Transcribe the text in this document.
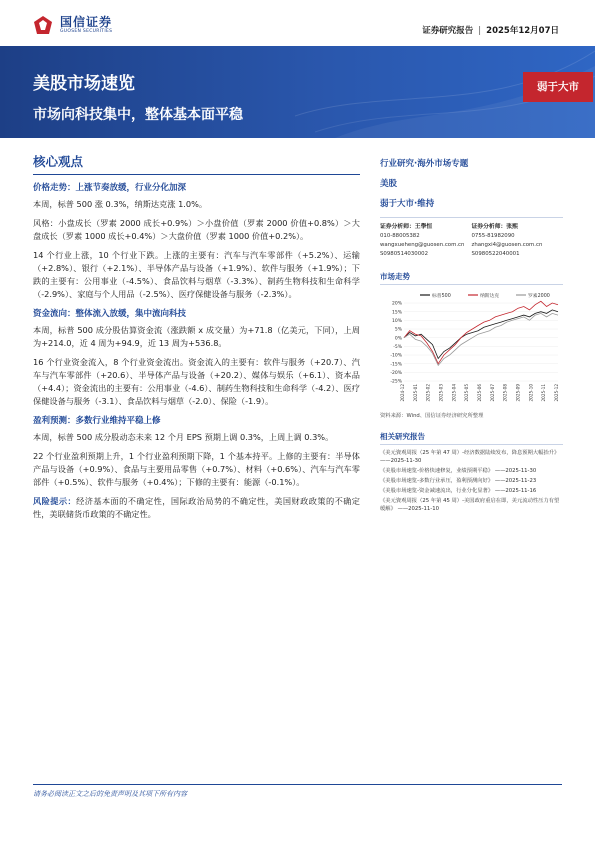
国信证券
GUOSEN SECURITIES	证券研究报告 | 2025年12月07日
美股市场速览
市场向科技集中，整体基本面平稳
弱于大市
核心观点
价格走势：上涨节奏放缓，行业分化加深

本周，标普 500 涨 0.3%，纳斯达克涨 1.0%。

风格：小盘成长（罗素 2000 成长+0.9%）＞小盘价值（罗素 2000 价值+0.8%）＞大盘成长（罗素 1000 成长+0.4%）＞大盘价值（罗素 1000 价值+0.2%）。

14 个行业上涨，10 个行业下跌。上涨的主要有：汽车与汽车零部件（+5.2%）、运输（+2.8%）、银行（+2.1%）、半导体产品与设备（+1.9%）、软件与服务（+1.9%）；下跌的主要有：公用事业（-4.5%）、食品饮料与烟草（-3.3%）、制药生物科技和生命科学（-2.9%）、家庭与个人用品（-2.5%）、医疗保健设备与服务（-2.3%）。

资金流向：整体流入放缓，集中流向科技

本周，标普 500 成分股估算资金流（涨跌额 x 成交量）为+71.8（亿美元，下同），上周为+214.0，近 4 周为+94.9，近 13 周为+536.8。

16 个行业资金流入，8 个行业资金流出。资金流入的主要有：软件与服务（+20.7）、汽车与汽车零部件（+20.6）、半导体产品与设备（+20.2）、媒体与娱乐（+6.1）、资本品（+4.4）；资金流出的主要有：公用事业（-4.6）、制药生物科技和生命科学（-4.2）、医疗保健设备与服务（-3.1）、食品饮料与烟草（-2.0）、保险（-1.9）。

盈利预测：多数行业维持平稳上修

本周，标普 500 成分股动态未来 12 个月 EPS 预期上调 0.3%，上周上调 0.3%。

22 个行业盈利预期上升，1 个行业盈利预期下降，1 个基本持平。上修的主要有：半导体产品与设备（+0.9%）、食品与主要用品零售（+0.7%）、材料（+0.6%）、汽车与汽车零部件（+0.5%）、软件与服务（+0.4%）；下修的主要有：能源（-0.1%）。

风险提示：经济基本面的不确定性，国际政治局势的不确定性，美国财政政策的不确定性，美联储货币政策的不确定性。

行业研究·海外市场专题
美股
弱于大市·维持
证券分析师：王學恒
010-88005382
wangxueheng@guosen.com.cn
S0980514030002
证券分析师：张熙
0755-81982090
zhangxi4@guosen.com.cn
S0980522040001
市场走势
20%
15%
10%
5%
0%
-5%
-10%
-15%
-20%
-25%
2024-12 2025-01 2025-02 2025-03 2025-04 2025-05 2025-06 2025-07 2025-08 2025-09 2025-10 2025-11 2025-12
标普500	纳斯达克	罗素2000
资料来源：Wind、国信证券经济研究所整理
相关研究报告
《美元資观周报（25 年第 47 周）-经济数据陆续发布，降息预期大幅抬升》 ——2025-11-30
《美股市场速览-价格快速修复，业绩预期平稳》 ——2025-11-30
《美股市场速览-多数行业承压，盈利预测向好》 ——2025-11-23
《美股市场速览-资金减速流出，行业分化显著》 ——2025-11-16
《美元資观周报（25 年第 45 周）-美国政府重启在即，美元流动性压力有望缓解》 ——2025-11-10
请务必阅读正文之后的免责声明及其项下所有内容
